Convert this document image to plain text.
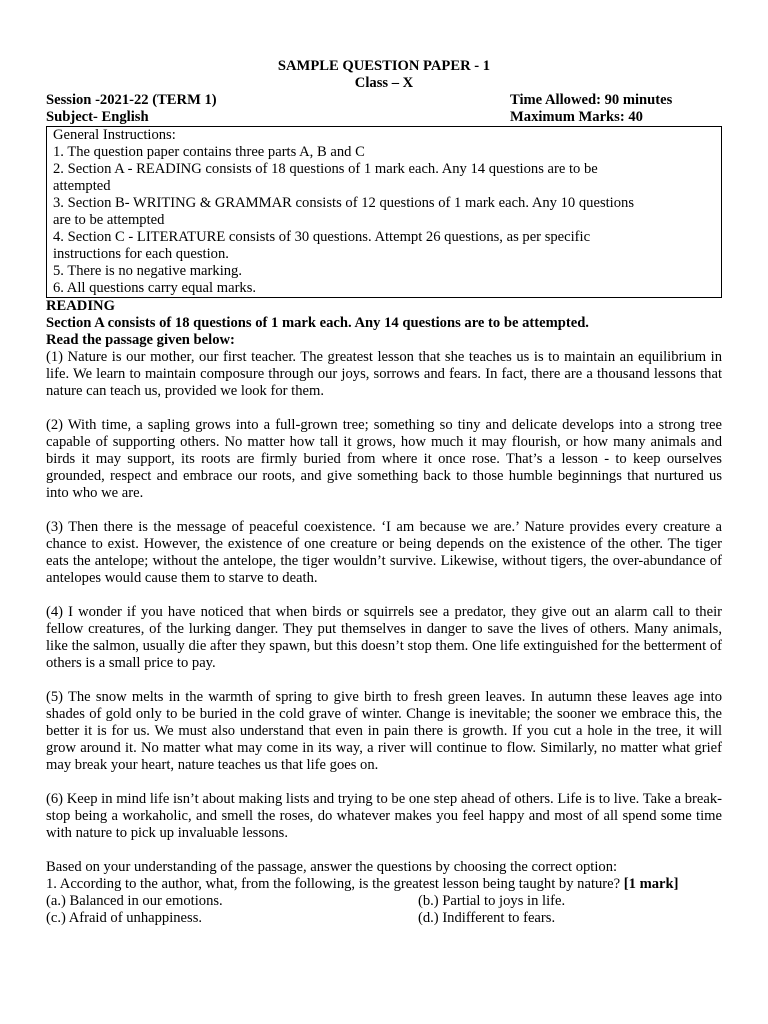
SAMPLE QUESTION PAPER - 1
Class – X
Session -2021-22 (TERM 1)	Time Allowed: 90 minutes
Subject- English	Maximum Marks: 40
General Instructions:
1. The question paper contains three parts A, B and C
2. Section A - READING consists of 18 questions of 1 mark each. Any 14 questions are to be
attempted
3. Section B- WRITING & GRAMMAR consists of 12 questions of 1 mark each. Any 10 questions
are to be attempted
4. Section C - LITERATURE consists of 30 questions. Attempt 26 questions, as per specific
instructions for each question.
5. There is no negative marking.
6. All questions carry equal marks.
READING
Section A consists of 18 questions of 1 mark each. Any 14 questions are to be attempted.
Read the passage given below:

(1) Nature is our mother, our first teacher. The greatest lesson that she teaches us is to maintain an equilibrium in life. We learn to maintain composure through our joys, sorrows and fears. In fact, there are a thousand lessons that nature can teach us, provided we look for them.

(2) With time, a sapling grows into a full-grown tree; something so tiny and delicate develops into a strong tree capable of supporting others. No matter how tall it grows, how much it may flourish, or how many animals and birds it may support, its roots are firmly buried from where it once rose. That’s a lesson - to keep ourselves grounded, respect and embrace our roots, and give something back to those humble beginnings that nurtured us into who we are.

(3) Then there is the message of peaceful coexistence. ‘I am because we are.’ Nature provides every creature a chance to exist. However, the existence of one creature or being depends on the existence of the other. The tiger eats the antelope; without the antelope, the tiger wouldn’t survive. Likewise, without tigers, the over-abundance of antelopes would cause them to starve to death.

(4) I wonder if you have noticed that when birds or squirrels see a predator, they give out an alarm call to their fellow creatures, of the lurking danger. They put themselves in danger to save the lives of others. Many animals, like the salmon, usually die after they spawn, but this doesn’t stop them. One life extinguished for the betterment of others is a small price to pay.

(5) The snow melts in the warmth of spring to give birth to fresh green leaves. In autumn these leaves age into shades of gold only to be buried in the cold grave of winter. Change is inevitable; the sooner we embrace this, the better it is for us. We must also understand that even in pain there is growth. If you cut a hole in the tree, it will grow around it. No matter what may come in its way, a river will continue to flow. Similarly, no matter what grief may break your heart, nature teaches us that life goes on.

(6) Keep in mind life isn’t about making lists and trying to be one step ahead of others. Life is to live. Take a break-stop being a workaholic, and smell the roses, do whatever makes you feel happy and most of all spend some time with nature to pick up invaluable lessons.

Based on your understanding of the passage, answer the questions by choosing the correct option:
1. According to the author, what, from the following, is the greatest lesson being taught by nature? [1 mark]
(a.) Balanced in our emotions.	(b.) Partial to joys in life.
(c.) Afraid of unhappiness.	(d.) Indifferent to fears.
